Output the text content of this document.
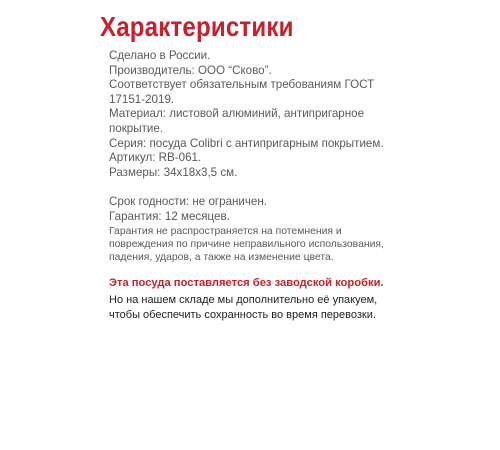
Характеристики
Сделано в России.
Производитель: ООО “Сково”.
Соответствует обязательным требованиям ГОСТ
17151-2019.
Материал: листовой алюминий, антипригарное
покрытие.
Серия: посуда Colibri с антипригарным покрытием.
Артикул: RB-061.
Размеры: 34х18х3,5 см.
Срок годности: не ограничен.
Гарантия: 12 месяцев.
Гарантия не распространяется на потемнения и
повреждения по причине неправильного использования,
падения, ударов, а также на изменение цвета.
Эта посуда поставляется без заводской коробки.
Но на нашем складе мы дополнительно её упакуем,
чтобы обеспечить сохранность во время перевозки.
